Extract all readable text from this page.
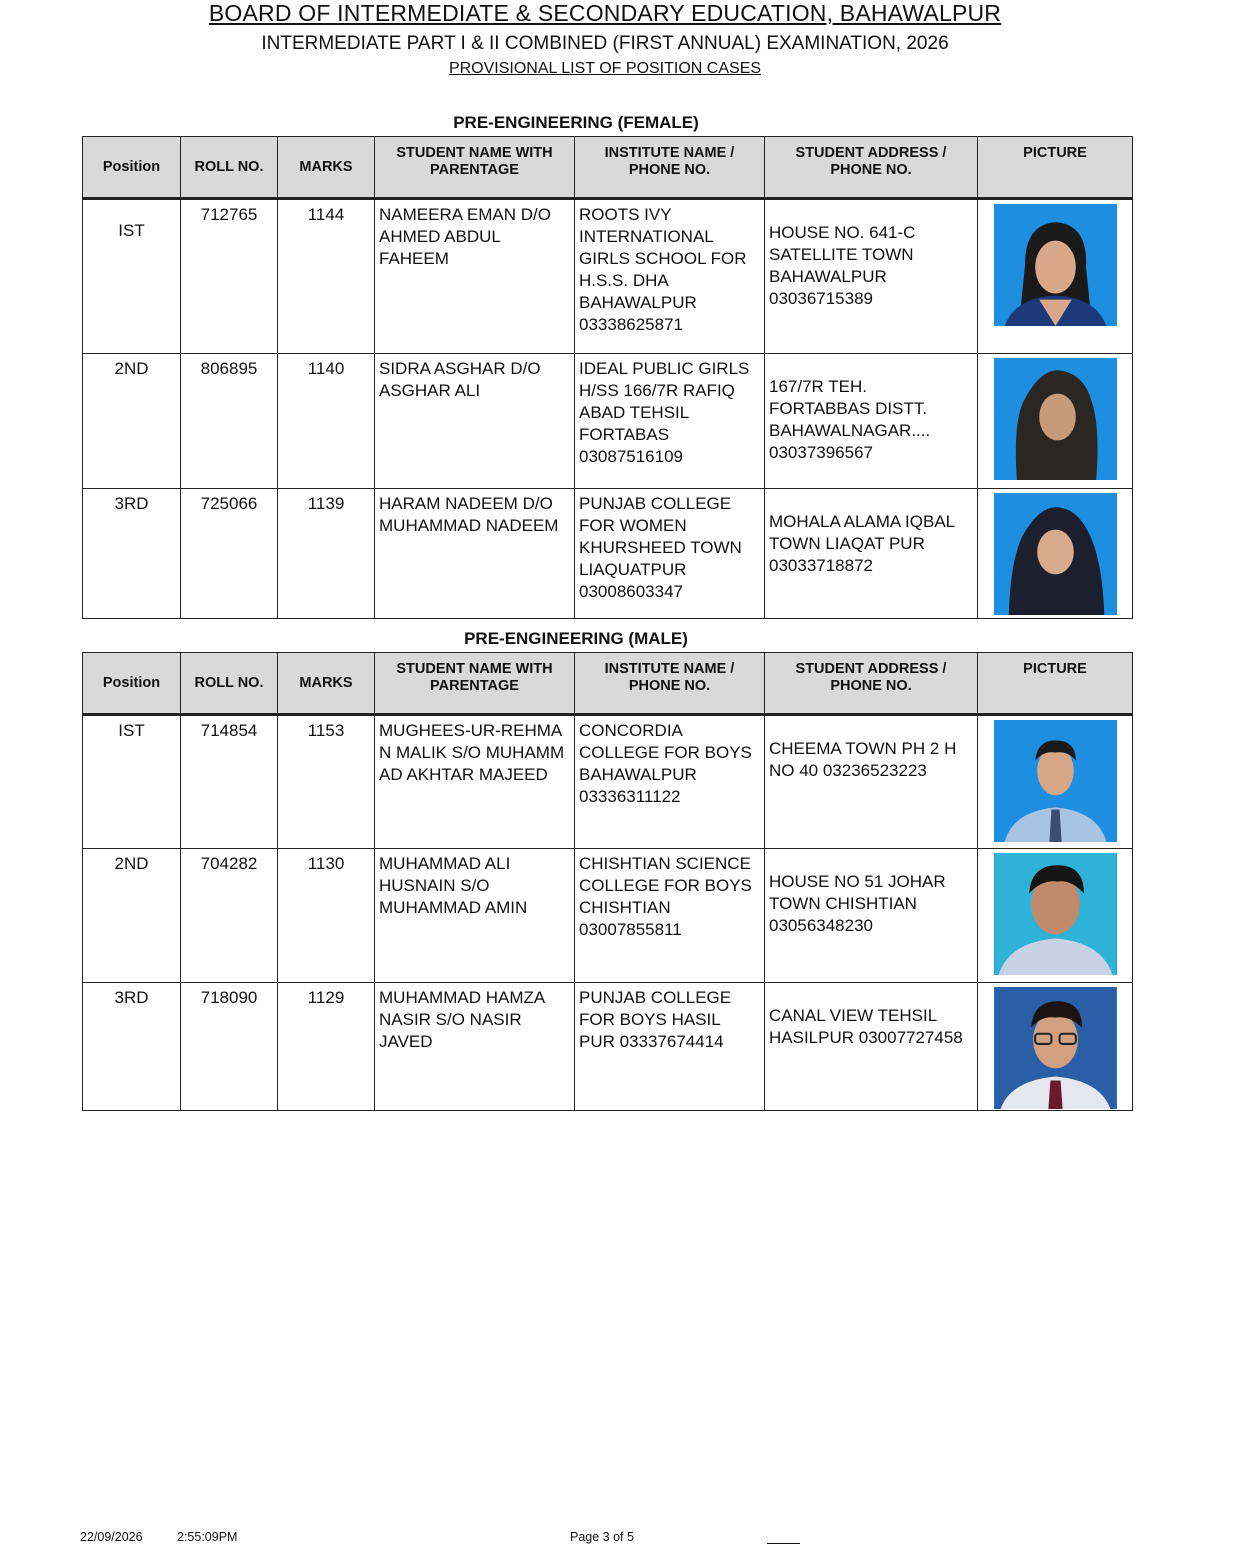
BOARD OF INTERMEDIATE & SECONDARY EDUCATION, BAHAWALPUR
INTERMEDIATE PART I & II COMBINED (FIRST ANNUAL) EXAMINATION, 2026
PROVISIONAL LIST OF POSITION CASES
PRE-ENGINEERING (FEMALE)
Position	ROLL NO.	MARKS	STUDENT NAME WITH PARENTAGE	INSTITUTE NAME / PHONE NO.	STUDENT ADDRESS / PHONE NO.	PICTURE
IST	712765	1144	NAMEERA EMAN D/O AHMED ABDUL FAHEEM	ROOTS IVY INTERNATIONAL GIRLS SCHOOL FOR H.S.S. DHA BAHAWALPUR 03338625871	HOUSE NO. 641-C SATELLITE TOWN BAHAWALPUR 03036715389	

2ND	806895	1140	SIDRA ASGHAR D/O ASGHAR ALI	IDEAL PUBLIC GIRLS H/SS 166/7R RAFIQ ABAD TEHSIL FORTABAS 03087516109	167/7R TEH. FORTABBAS DISTT. BAHAWALNAGAR.... 03037396567	

3RD	725066	1139	HARAM NADEEM D/O MUHAMMAD NADEEM	PUNJAB COLLEGE FOR WOMEN KHURSHEED TOWN LIAQUATPUR 03008603347	MOHALA ALAMA IQBAL TOWN LIAQAT PUR 03033718872	
PRE-ENGINEERING (MALE)
Position	ROLL NO.	MARKS	STUDENT NAME WITH PARENTAGE	INSTITUTE NAME / PHONE NO.	STUDENT ADDRESS / PHONE NO.	PICTURE
IST	714854	1153	MUGHEES-UR-REHMAN MALIK S/O MUHAMMAD AKHTAR MAJEED	CONCORDIA COLLEGE FOR BOYS BAHAWALPUR 03336311122	CHEEMA TOWN PH 2 H NO 40 03236523223	

2ND	704282	1130	MUHAMMAD ALI HUSNAIN S/O MUHAMMAD AMIN	CHISHTIAN SCIENCE COLLEGE FOR BOYS CHISHTIAN 03007855811	HOUSE NO 51 JOHAR TOWN CHISHTIAN 03056348230	

3RD	718090	1129	MUHAMMAD HAMZA NASIR S/O NASIR JAVED	PUNJAB COLLEGE FOR BOYS HASIL PUR 03337674414	CANAL VIEW TEHSIL HASILPUR 03007727458	
22/09/2026	2:55:09PM	Page 3 of 5
